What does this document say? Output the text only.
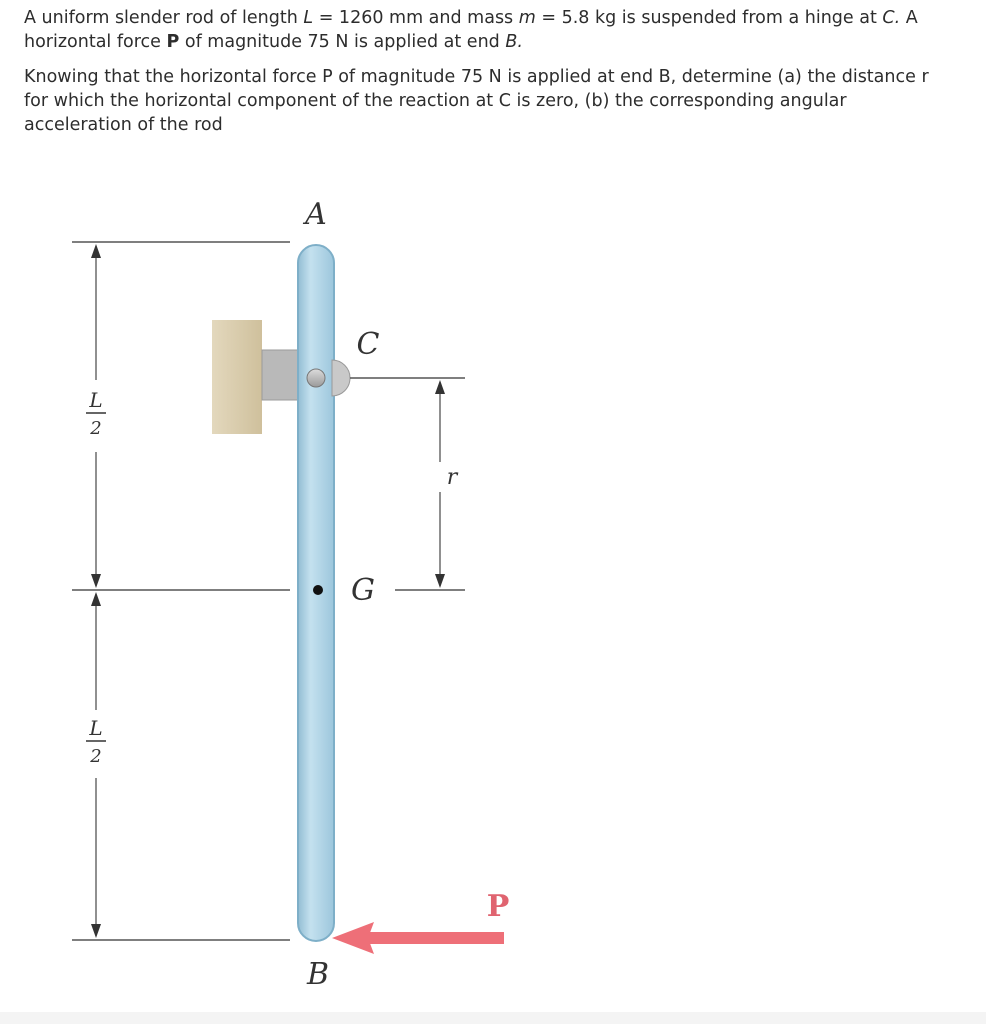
A uniform slender rod of length L = 1260 mm and mass m = 5.8 kg is suspended from a hinge at C. A horizontal force P of magnitude 75 N is applied at end B.
Knowing that the horizontal force P of magnitude 75 N is applied at end B, determine (a) the distance r for which the horizontal component of the reaction at C is zero, (b) the corresponding angular acceleration of the rod
L
2
L
2
A
C
G
r
P
B
